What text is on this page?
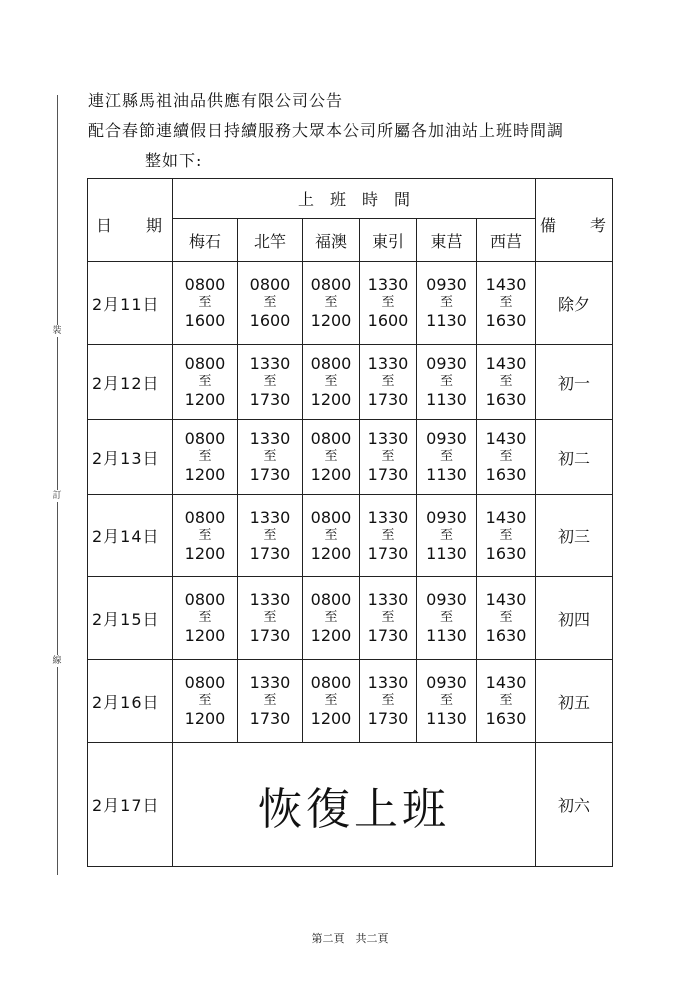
裝
訂
線
連江縣馬祖油品供應有限公司公告
配合春節連續假日持續服務大眾本公司所屬各加油站上班時間調
整如下:
日 期	上　班　時　間						備 考

	梅石	北竿	福澳	東引	東莒	西莒	
2月11日	0800
至
1600	0800
至
1600	0800
至
1200	1330
至
1600	0930
至
1130	1430
至
1630	除夕
2月12日	0800
至
1200	1330
至
1730	0800
至
1200	1330
至
1730	0930
至
1130	1430
至
1630	初一
2月13日	0800
至
1200	1330
至
1730	0800
至
1200	1330
至
1730	0930
至
1130	1430
至
1630	初二
2月14日	0800
至
1200	1330
至
1730	0800
至
1200	1330
至
1730	0930
至
1130	1430
至
1630	初三
2月15日	0800
至
1200	1330
至
1730	0800
至
1200	1330
至
1730	0930
至
1130	1430
至
1630	初四
2月16日	0800
至
1200	1330
至
1730	0800
至
1200	1330
至
1730	0930
至
1130	1430
至
1630	初五
2月17日	恢復上班						初六
第二頁　共二頁
